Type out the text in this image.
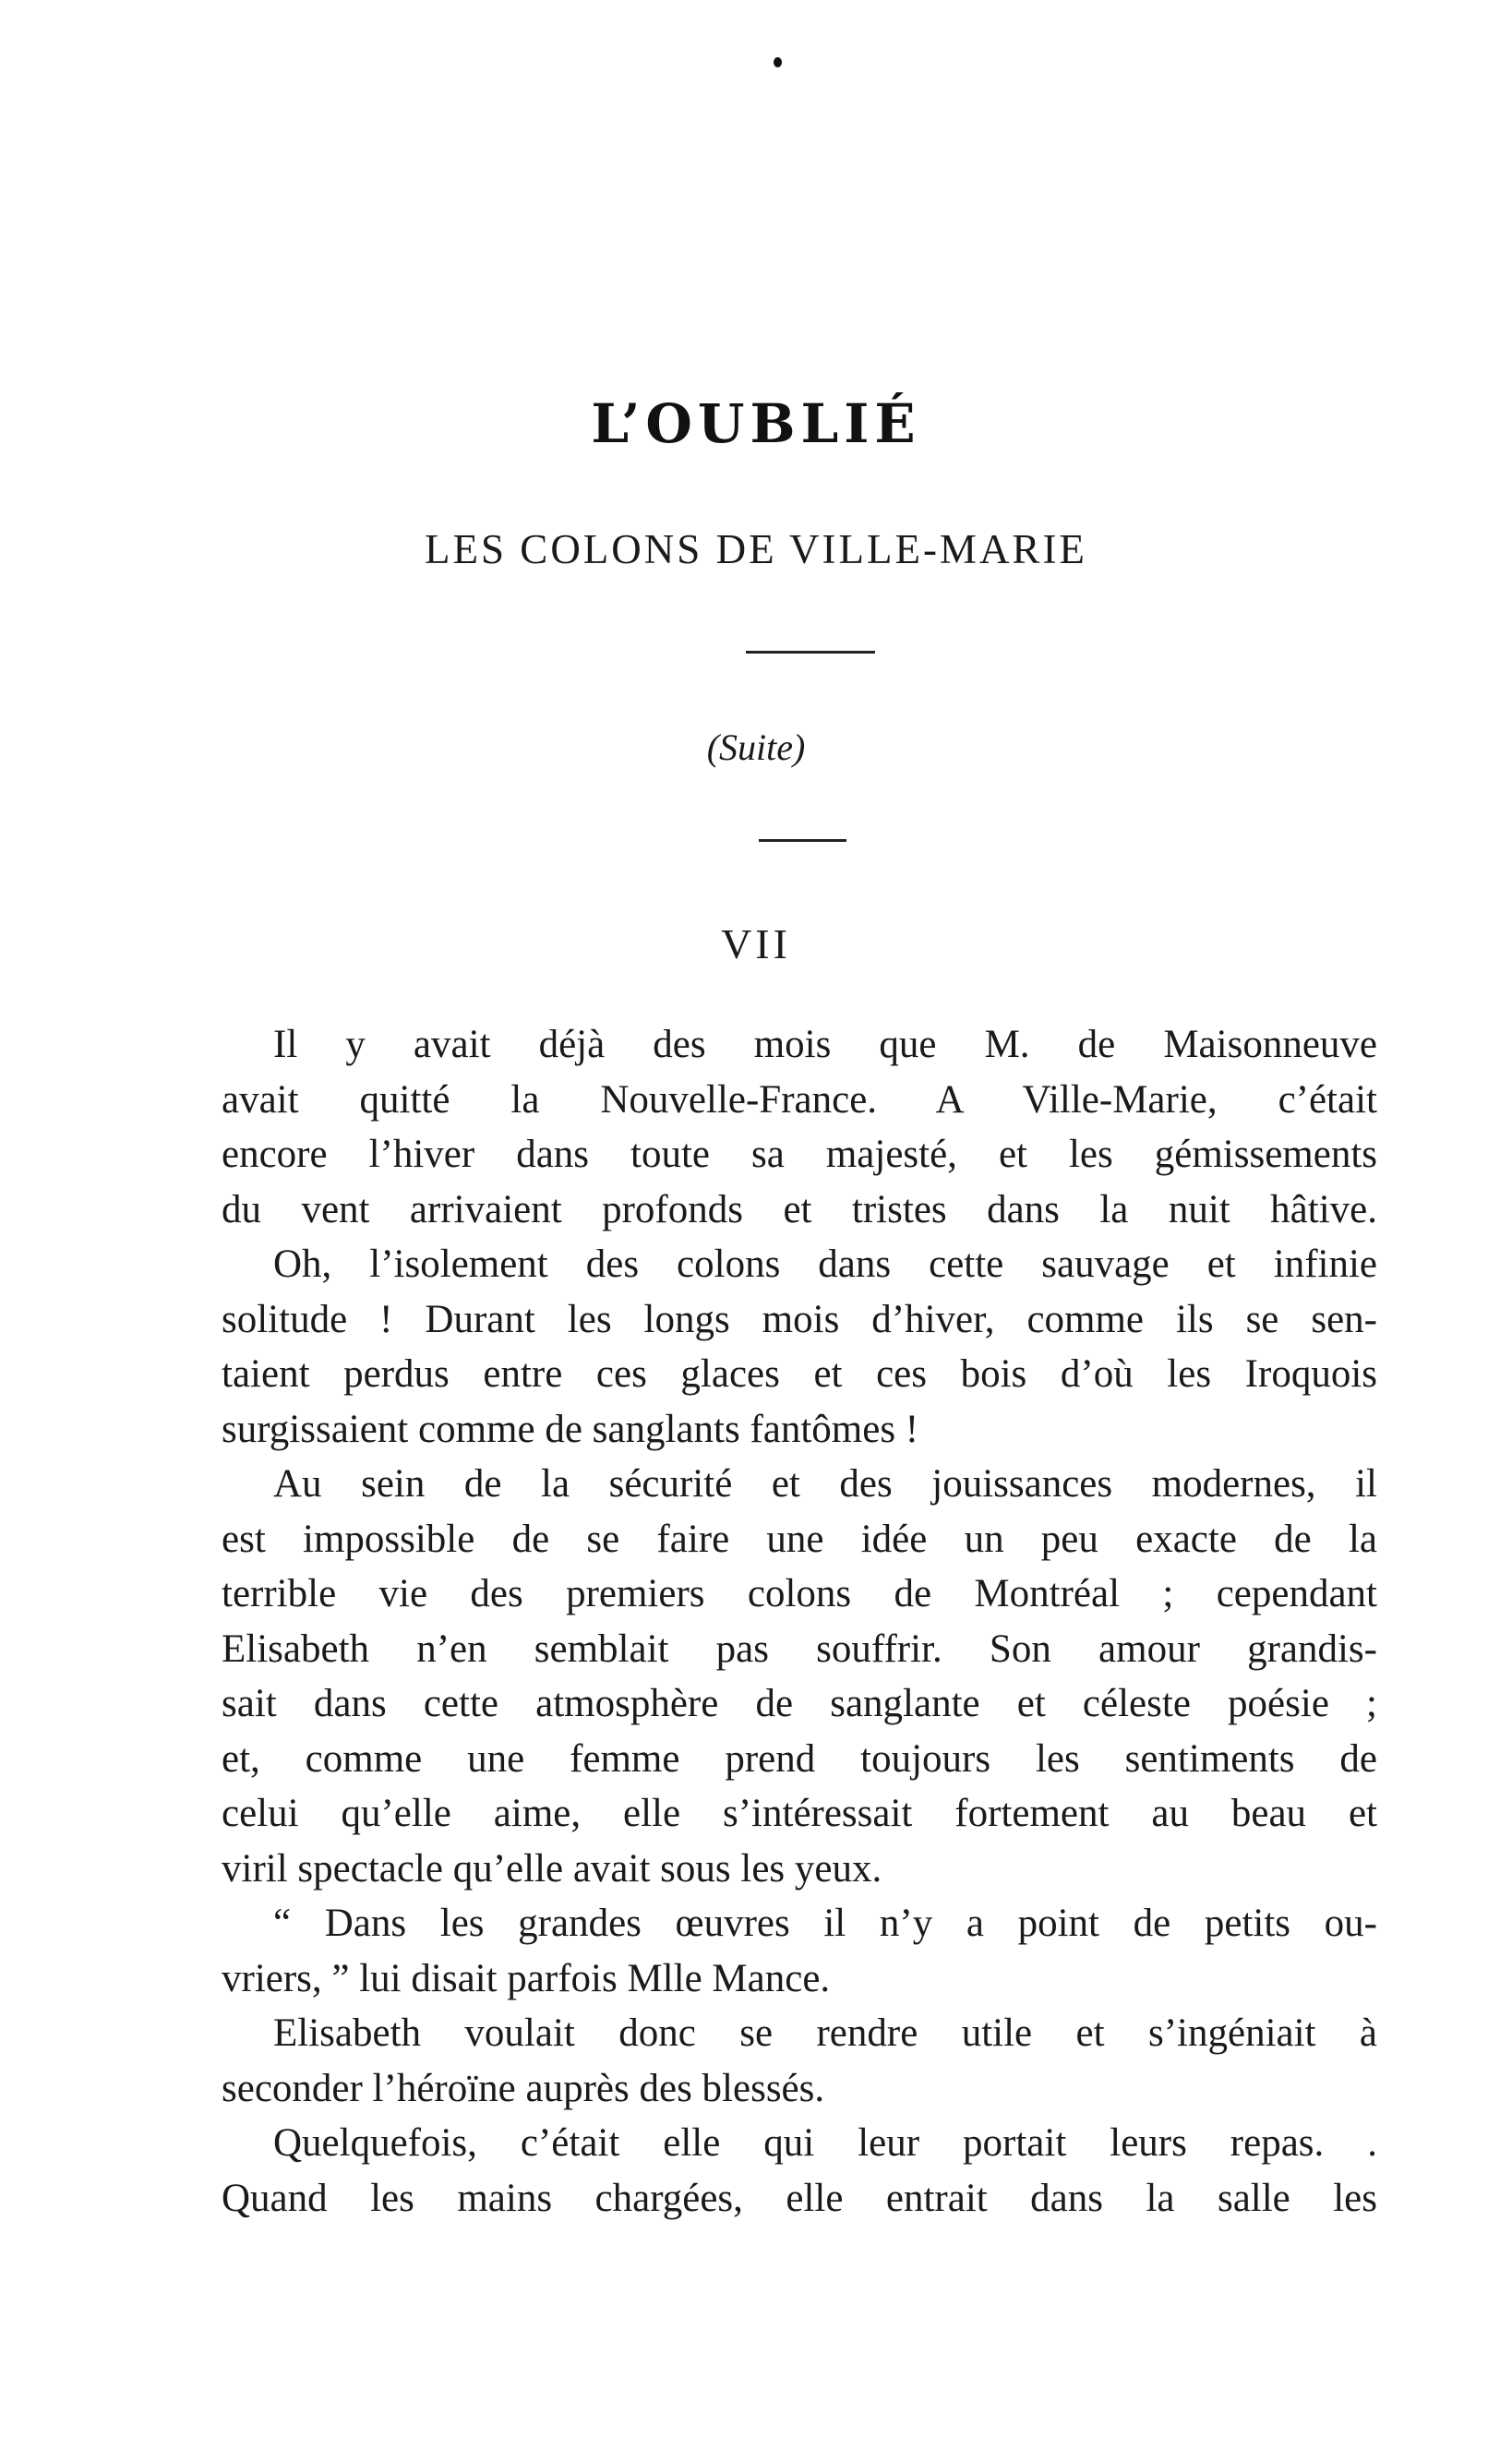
L’OUBLIÉ
LES COLONS DE VILLE-MARIE
(Suite)
VII
Il y avait déjà des mois que M. de Maisonneuve
avait quitté la Nouvelle-France. A Ville-Marie, c’était
encore l’hiver dans toute sa majesté, et les gémissements
du vent arrivaient profonds et tristes dans la nuit hâtive.
Oh, l’isolement des colons dans cette sauvage et infinie
solitude ! Durant les longs mois d’hiver, comme ils se sen-
taient perdus entre ces glaces et ces bois d’où les Iroquois
surgissaient comme de sanglants fantômes !
Au sein de la sécurité et des jouissances modernes, il
est impossible de se faire une idée un peu exacte de la
terrible vie des premiers colons de Montréal ; cependant
Elisabeth n’en semblait pas souffrir. Son amour grandis-
sait dans cette atmosphère de sanglante et céleste poésie ;
et, comme une femme prend toujours les sentiments de
celui qu’elle aime, elle s’intéressait fortement au beau et
viril spectacle qu’elle avait sous les yeux.
“ Dans les grandes œuvres il n’y a point de petits ou-
vriers, ” lui disait parfois Mlle Mance.
Elisabeth voulait donc se rendre utile et s’ingéniait à
seconder l’héroïne auprès des blessés.
Quelquefois, c’était elle qui leur portait leurs repas. .
Quand les mains chargées, elle entrait dans la salle les
